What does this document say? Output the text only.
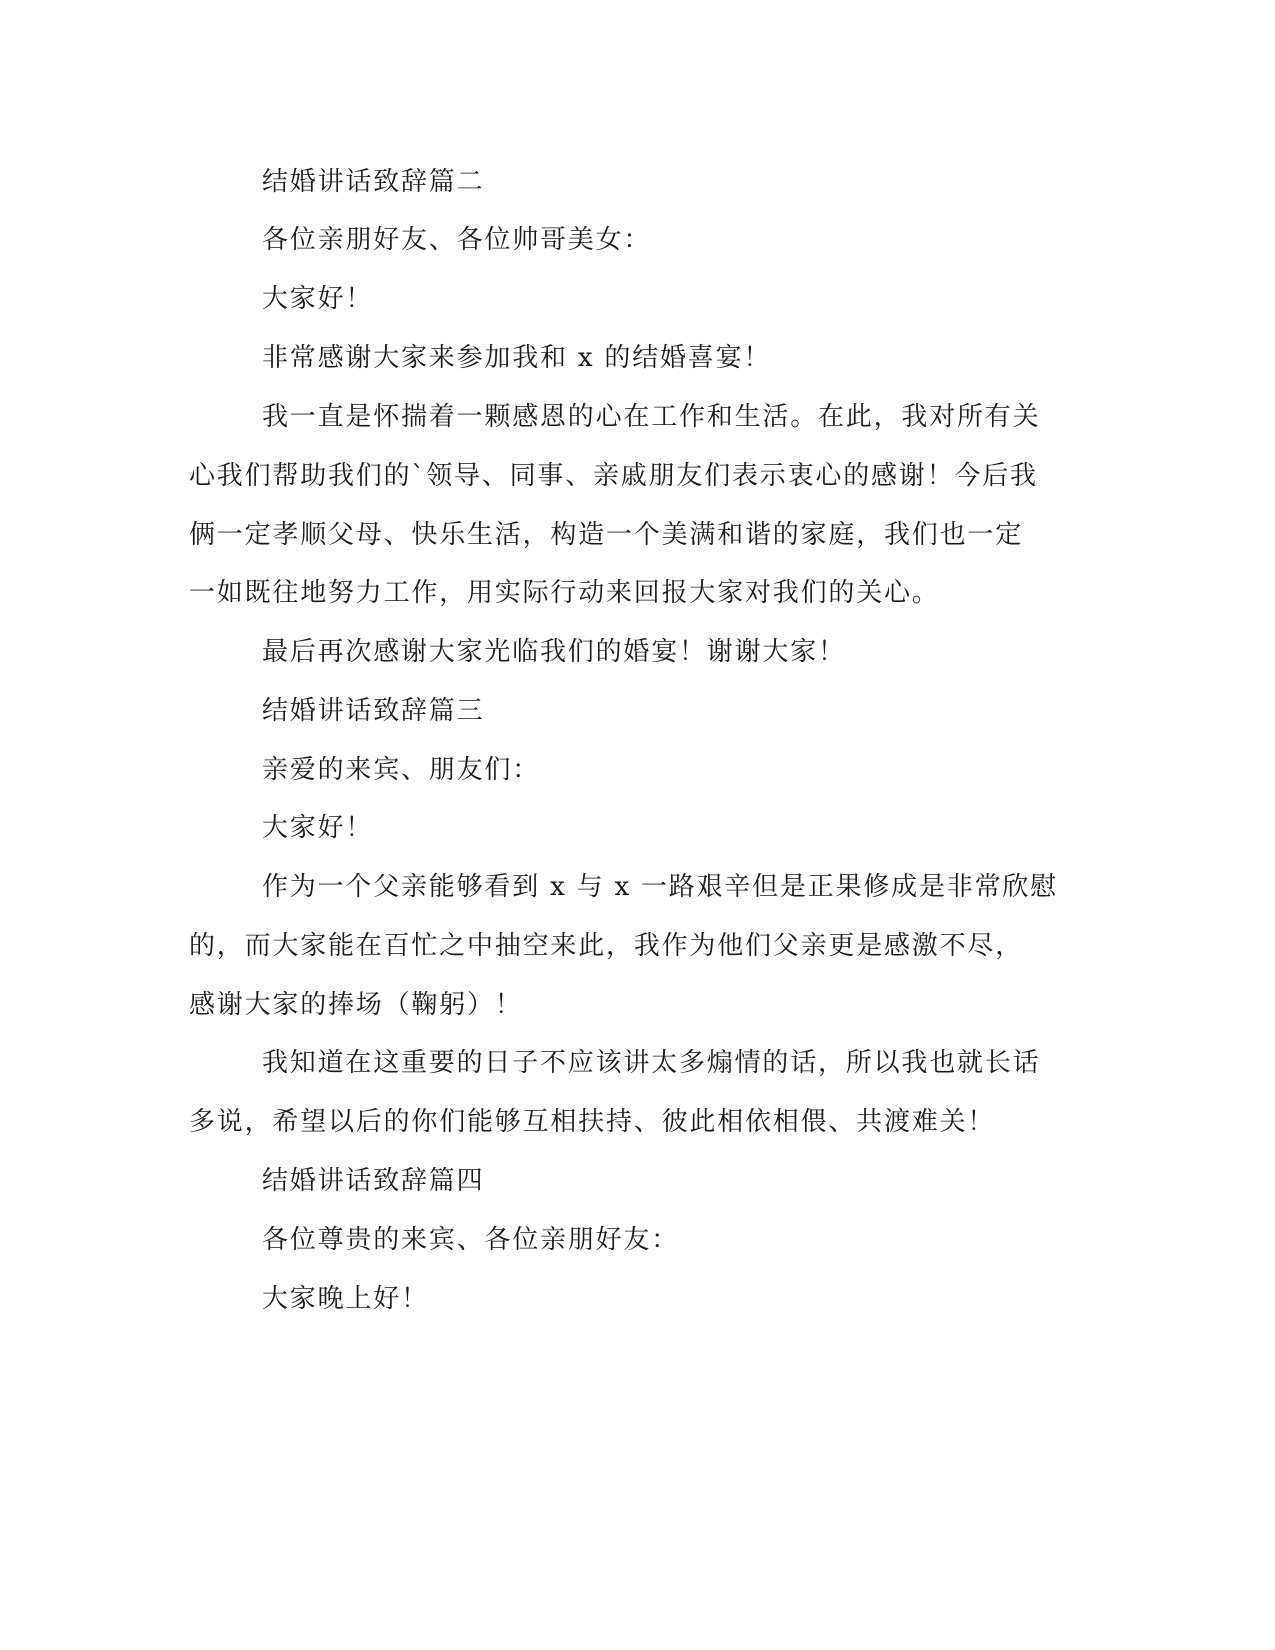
结婚讲话致辞篇二
各位亲朋好友、各位帅哥美女：
大家好！
非常感谢大家来参加我和 x 的结婚喜宴！
我一直是怀揣着一颗感恩的心在工作和生活。在此，我对所有关
心我们帮助我们的`领导、同事、亲戚朋友们表示衷心的感谢！今后我
俩一定孝顺父母、快乐生活，构造一个美满和谐的家庭，我们也一定
一如既往地努力工作，用实际行动来回报大家对我们的关心。
最后再次感谢大家光临我们的婚宴！谢谢大家！
结婚讲话致辞篇三
亲爱的来宾、朋友们：
大家好！
作为一个父亲能够看到 x 与 x 一路艰辛但是正果修成是非常欣慰
的，而大家能在百忙之中抽空来此，我作为他们父亲更是感激不尽，
感谢大家的捧场（鞠躬）！
我知道在这重要的日子不应该讲太多煽情的话，所以我也就长话
多说，希望以后的你们能够互相扶持、彼此相依相偎、共渡难关！
结婚讲话致辞篇四
各位尊贵的来宾、各位亲朋好友：
大家晚上好！
